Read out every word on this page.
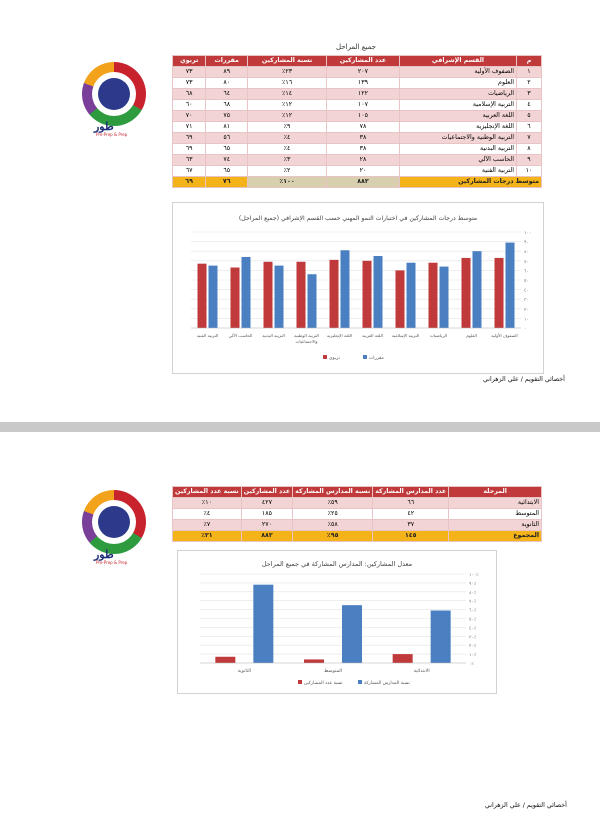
طور
Pre-Prep & Prep
جميع المراحل
م	القسم الإشرافي	عدد المشاركين	نسبة المشاركين	مقررات	تربوي
١	الصفوف الأولية	٢٠٧	٢٣٪	٨٩	٧٣
٢	العلوم	١٣٩	١٦٪	٨٠	٧٣
٣	الرياضيات	١٢٢	١٤٪	٦٤	٦٨
٤	التربية الإسلامية	١٠٧	١٢٪	٦٨	٦٠
٥	اللغة العربية	١٠٥	١٢٪	٧٥	٧٠
٦	اللغة الإنجليزية	٧٨	٩٪	٨١	٧١
٧	التربية الوطنية والاجتماعيات	٣٨	٤٪	٥٦	٦٩
٨	التربية البدنية	٣٨	٤٪	٦٥	٦٩
٩	الحاسب الآلي	٢٨	٣٪	٧٤	٦٣
١٠	التربية الفنية	٢٠	٢٪	٦٥	٦٧
متوسط درجات المشاركين		٨٨٢	١٠٠٪	٧٦	٦٩
متوسط درجات المشاركين في اختبارات النمو المهني حسب القسم الإشرافي (جميع المراحل)
٠
١٠
٢٠
٣٠
٤٠
٥٠
٦٠
٧٠
٨٠
٩٠
١٠٠
الصفوف الأولية
العلوم
الرياضيات
التربية الإسلامية
اللغة العربية
اللغة الإنجليزية
التربية الوطنية
والاجتماعيات
التربية البدنية
الحاسب الآلي
التربية الفنية
تربوي	مقررات
أخصائي التقويم / علي الزهراني
طور
Pre-Prep & Prep
المرحلة	عدد المدارس المشاركة	نسبة المدارس المشاركة	عدد المشاركين	نسبة عدد المشاركين
الابتدائية	٦٦	٥٩٪	٤٢٧	١٠٪
المتوسط	٤٢	٢٥٪	١٨٥	٤٪
الثانوية	٣٧	٥٨٪	٢٧٠	٧٪
المجموع	١٤٥	٩٥٪	٨٨٢	٢١٪
معدل المشاركين: المدارس المشاركة في جميع المراحل
٠٪
١٠٪
٢٠٪
٣٠٪
٤٠٪
٥٠٪
٦٠٪
٧٠٪
٨٠٪
٩٠٪
١٠٠٪
الابتدائية
المتوسط
الثانوية
نسبة عدد المشاركين	نسبة المدارس المشاركة
أخصائي التقويم / علي الزهراني
